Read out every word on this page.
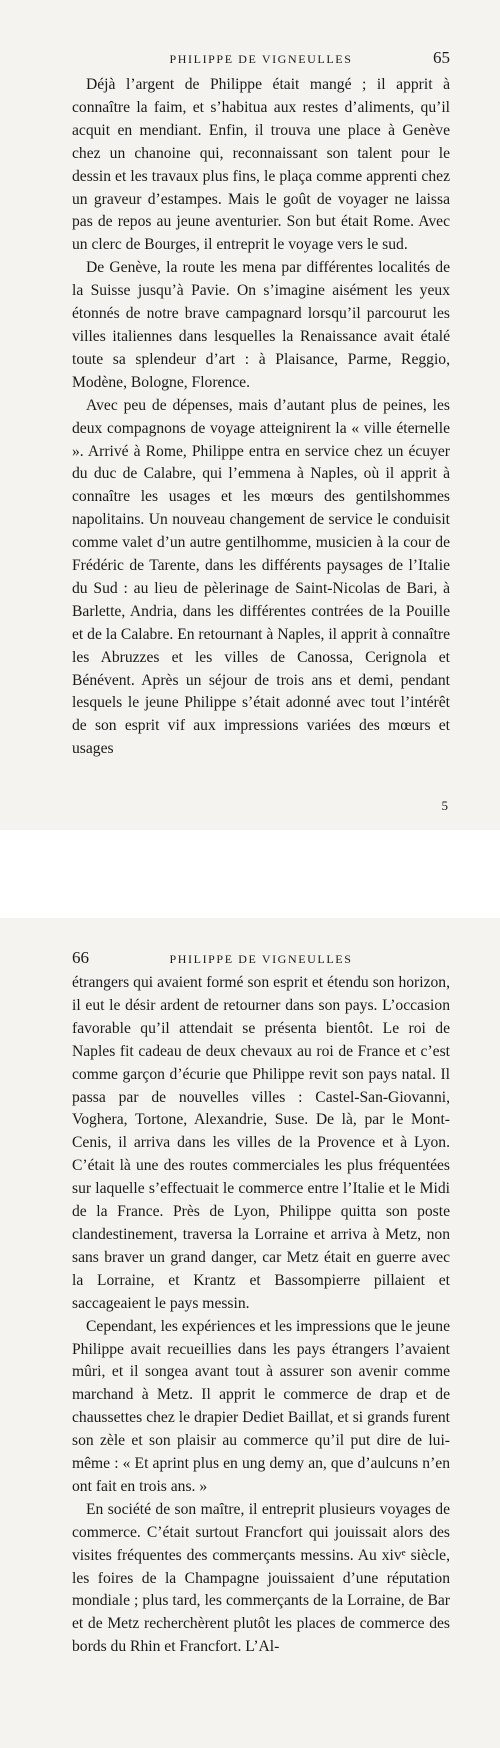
PHILIPPE DE VIGNEULLES	65

Déjà l’argent de Philippe était mangé ; il apprit à connaître la faim, et s’habitua aux restes d’aliments, qu’il acquit en mendiant. Enfin, il trouva une place à Genève chez un chanoine qui, reconnaissant son talent pour le dessin et les travaux plus fins, le plaça comme apprenti chez un graveur d’estampes. Mais le goût de voyager ne laissa pas de repos au jeune aventurier. Son but était Rome. Avec un clerc de Bourges, il entreprit le voyage vers le sud.

De Genève, la route les mena par différentes localités de la Suisse jusqu’à Pavie. On s’imagine aisément les yeux étonnés de notre brave campagnard lorsqu’il parcourut les villes italiennes dans lesquelles la Renaissance avait étalé toute sa splendeur d’art : à Plaisance, Parme, Reggio, Modène, Bologne, Florence.

Avec peu de dépenses, mais d’autant plus de peines, les deux compagnons de voyage atteignirent la « ville éternelle ». Arrivé à Rome, Philippe entra en service chez un écuyer du duc de Calabre, qui l’emmena à Naples, où il apprit à connaître les usages et les mœurs des gentilshommes napolitains. Un nouveau changement de service le conduisit comme valet d’un autre gentilhomme, musicien à la cour de Frédéric de Tarente, dans les différents paysages de l’Italie du Sud : au lieu de pèlerinage de Saint-Nicolas de Bari, à Barlette, Andria, dans les différentes contrées de la Pouille et de la Calabre. En retournant à Naples, il apprit à connaître les Abruzzes et les villes de Canossa, Cerignola et Bénévent. Après un séjour de trois ans et demi, pendant lesquels le jeune Philippe s’était adonné avec tout l’intérêt de son esprit vif aux impressions variées des mœurs et usages

5
66	PHILIPPE DE VIGNEULLES

étrangers qui avaient formé son esprit et étendu son horizon, il eut le désir ardent de retourner dans son pays. L’occasion favorable qu’il attendait se présenta bientôt. Le roi de Naples fit cadeau de deux chevaux au roi de France et c’est comme garçon d’écurie que Philippe revit son pays natal. Il passa par de nouvelles villes : Castel-San-Giovanni, Voghera, Tortone, Alexandrie, Suse. De là, par le Mont-Cenis, il arriva dans les villes de la Provence et à Lyon. C’était là une des routes commerciales les plus fréquentées sur laquelle s’effectuait le commerce entre l’Italie et le Midi de la France. Près de Lyon, Philippe quitta son poste clandestinement, traversa la Lorraine et arriva à Metz, non sans braver un grand danger, car Metz était en guerre avec la Lorraine, et Krantz et Bassompierre pillaient et saccageaient le pays messin.

Cependant, les expériences et les impressions que le jeune Philippe avait recueillies dans les pays étrangers l’avaient mûri, et il songea avant tout à assurer son avenir comme marchand à Metz. Il apprit le commerce de drap et de chaussettes chez le drapier Dediet Baillat, et si grands furent son zèle et son plaisir au commerce qu’il put dire de lui-même : « Et aprint plus en ung demy an, que d’aulcuns n’en ont fait en trois ans. »

En société de son maître, il entreprit plusieurs voyages de commerce. C’était surtout Francfort qui jouissait alors des visites fréquentes des commerçants messins. Au xivᵉ siècle, les foires de la Champagne jouissaient d’une réputation mondiale ; plus tard, les commerçants de la Lorraine, de Bar et de Metz recherchèrent plutôt les places de commerce des bords du Rhin et Francfort. L’Al-
